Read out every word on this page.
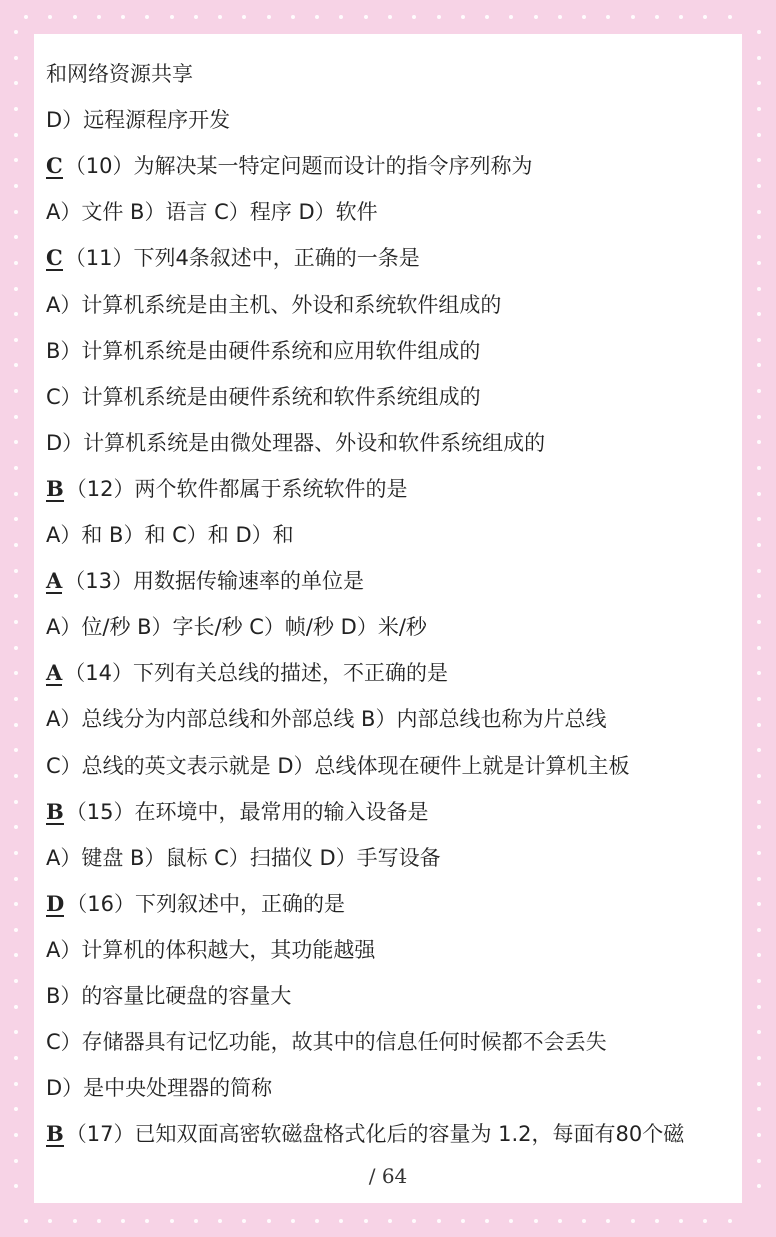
和网络资源共享
D）远程源程序开发
C（10）为解决某一特定问题而设计的指令序列称为
A）文件 B）语言 C）程序 D）软件
C（11）下列4条叙述中，正确的一条是
A）计算机系统是由主机、外设和系统软件组成的
B）计算机系统是由硬件系统和应用软件组成的
C）计算机系统是由硬件系统和软件系统组成的
D）计算机系统是由微处理器、外设和软件系统组成的
B（12）两个软件都属于系统软件的是
A）和 B）和 C）和 D）和
A（13）用数据传输速率的单位是
A）位/秒 B）字长/秒 C）帧/秒 D）米/秒
A（14）下列有关总线的描述，不正确的是
A）总线分为内部总线和外部总线 B）内部总线也称为片总线
C）总线的英文表示就是 D）总线体现在硬件上就是计算机主板
B（15）在环境中，最常用的输入设备是
A）键盘 B）鼠标 C）扫描仪 D）手写设备
D（16）下列叙述中，正确的是
A）计算机的体积越大，其功能越强
B）的容量比硬盘的容量大
C）存储器具有记忆功能，故其中的信息任何时候都不会丢失
D）是中央处理器的简称
B（17）已知双面高密软磁盘格式化后的容量为 1.2，每面有80个磁
/ 64
